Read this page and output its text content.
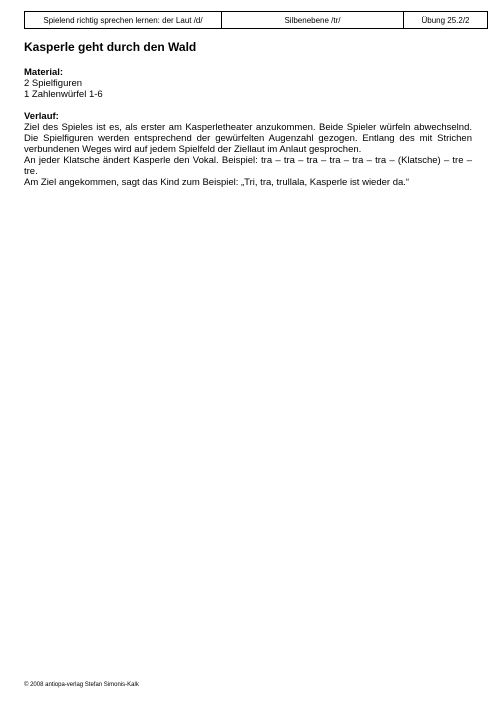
Spielend richtig sprechen lernen: der Laut /d/	Silbenebene /tr/	Übung 25.2/2
Kasperle geht durch den Wald
Material:
2 Spielfiguren
1 Zahlenwürfel 1-6
Verlauf:
Ziel des Spieles ist es, als erster am Kasperletheater anzukommen. Beide Spieler würfeln abwechselnd. Die Spielfiguren werden entsprechend der gewürfelten Augenzahl gezogen. Entlang des mit Strichen verbundenen Weges wird auf jedem Spielfeld der Ziellaut im Anlaut gesprochen.
An jeder Klatsche ändert Kasperle den Vokal. Beispiel: tra – tra – tra – tra – tra – tra – (Klatsche) – tre – tre.
Am Ziel angekommen, sagt das Kind zum Beispiel: „Tri, tra, trullala, Kasperle ist wieder da.“
© 2008 antiopa-verlag Stefan Simonis-Kalk
